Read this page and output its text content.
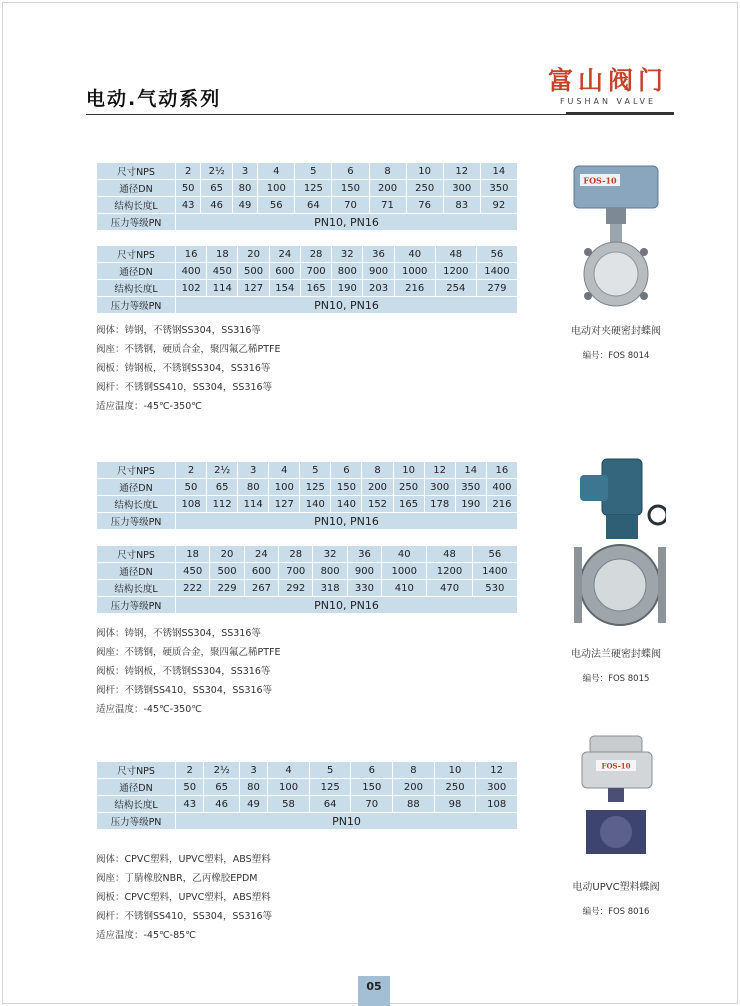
电动.气动系列
富山阀门
FUSHAN VALVE
尺寸NPS	2	2½	3	4	5	6	8	10	12	14
通径DN	50	65	80	100	125	150	200	250	300	350
结构长度L	43	46	49	56	64	70	71	76	83	92
压力等级PN	PN10, PN16									
尺寸NPS	16	18	20	24	28	32	36	40	48	56
通径DN	400	450	500	600	700	800	900	1000	1200	1400
结构长度L	102	114	127	154	165	190	203	216	254	279
压力等级PN	PN10, PN16									
阀体：铸钢，不锈钢SS304，SS316等
阀座：不锈钢，硬质合金，聚四氟乙稀PTFE
阀板：铸钢板，不锈钢SS304，SS316等
阀杆：不锈钢SS410，SS304，SS316等
适应温度：-45℃-350℃
FOS-10
电动对夹硬密封蝶阀
编号：FOS 8014
尺寸NPS	2	2½	3	4	5	6	8	10	12	14	16
通径DN	50	65	80	100	125	150	200	250	300	350	400
结构长度L	108	112	114	127	140	140	152	165	178	190	216
压力等级PN	PN10, PN16										
尺寸NPS	18	20	24	28	32	36	40	48	56
通径DN	450	500	600	700	800	900	1000	1200	1400
结构长度L	222	229	267	292	318	330	410	470	530
压力等级PN	PN10, PN16								
阀体：铸钢，不锈钢SS304，SS316等
阀座：不锈钢，硬质合金，聚四氟乙稀PTFE
阀板：铸钢板，不锈钢SS304，SS316等
阀杆：不锈钢SS410，SS304，SS316等
适应温度：-45℃-350℃
电动法兰硬密封蝶阀
编号：FOS 8015
尺寸NPS	2	2½	3	4	5	6	8	10	12
通径DN	50	65	80	100	125	150	200	250	300
结构长度L	43	46	49	58	64	70	88	98	108
压力等级PN	PN10								
阀体：CPVC塑料，UPVC塑料，ABS塑料
阀座：丁腈橡胶NBR，乙丙橡胶EPDM
阀板：CPVC塑料，UPVC塑料，ABS塑料
阀杆：不锈钢SS410，SS304，SS316等
适应温度：-45℃-85℃
FOS-10
电动UPVC塑料蝶阀
编号：FOS 8016
05
